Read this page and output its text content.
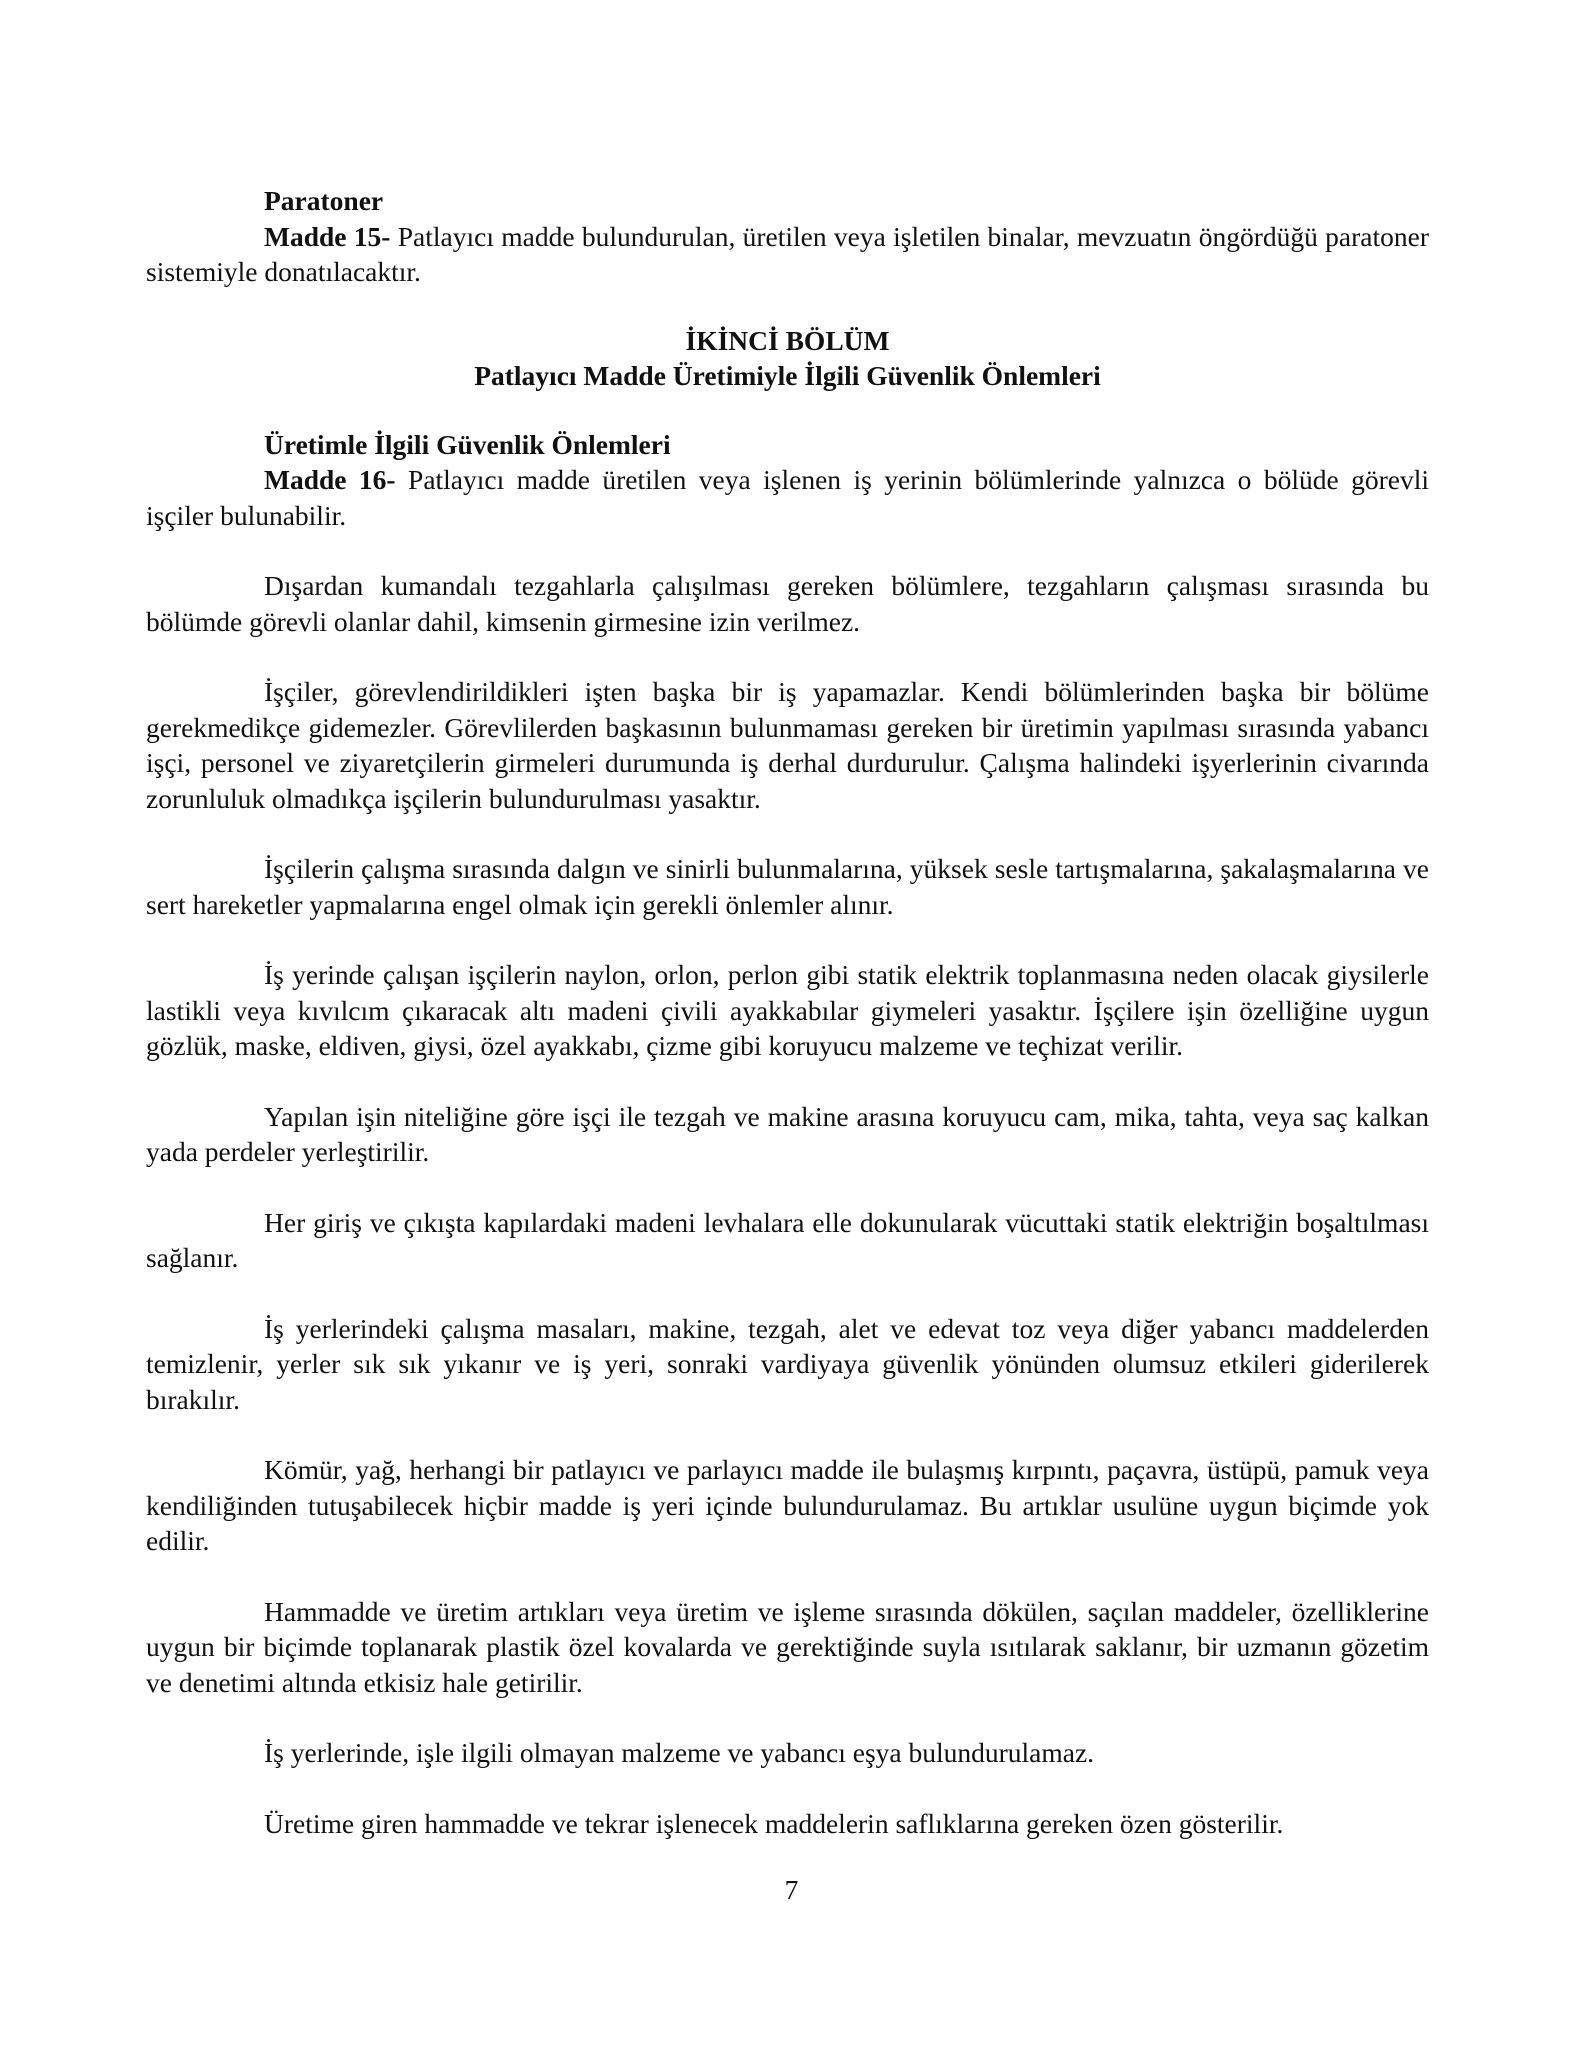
Paratoner

Madde 15- Patlayıcı madde bulundurulan, üretilen veya işletilen binalar, mevzuatın öngördüğü paratoner sistemiyle donatılacaktır.

İKİNCİ BÖLÜM

Patlayıcı Madde Üretimiyle İlgili Güvenlik Önlemleri

Üretimle İlgili Güvenlik Önlemleri

Madde 16- Patlayıcı madde üretilen veya işlenen iş yerinin bölümlerinde yalnızca o bölüde görevli işçiler bulunabilir.

Dışardan kumandalı tezgahlarla çalışılması gereken bölümlere, tezgahların çalışması sırasında bu bölümde görevli olanlar dahil, kimsenin girmesine izin verilmez.

İşçiler, görevlendirildikleri işten başka bir iş yapamazlar. Kendi bölümlerinden başka bir bölüme gerekmedikçe gidemezler. Görevlilerden başkasının bulunmaması gereken bir üretimin yapılması sırasında yabancı işçi, personel ve ziyaretçilerin girmeleri durumunda iş derhal durdurulur. Çalışma halindeki işyerlerinin civarında zorunluluk olmadıkça işçilerin bulundurulması yasaktır.

İşçilerin çalışma sırasında dalgın ve sinirli bulunmalarına, yüksek sesle tartışmalarına, şakalaşmalarına ve sert hareketler yapmalarına engel olmak için gerekli önlemler alınır.

İş yerinde çalışan işçilerin naylon, orlon, perlon gibi statik elektrik toplanmasına neden olacak giysilerle lastikli veya kıvılcım çıkaracak altı madeni çivili ayakkabılar giymeleri yasaktır. İşçilere işin özelliğine uygun gözlük, maske, eldiven, giysi, özel ayakkabı, çizme gibi koruyucu malzeme ve teçhizat verilir.

Yapılan işin niteliğine göre işçi ile tezgah ve makine arasına koruyucu cam, mika, tahta, veya saç kalkan yada perdeler yerleştirilir.

Her giriş ve çıkışta kapılardaki madeni levhalara elle dokunularak vücuttaki statik elektriğin boşaltılması sağlanır.

İş yerlerindeki çalışma masaları, makine, tezgah, alet ve edevat toz veya diğer yabancı maddelerden temizlenir, yerler sık sık yıkanır ve iş yeri, sonraki vardiyaya güvenlik yönünden olumsuz etkileri giderilerek bırakılır.

Kömür, yağ, herhangi bir patlayıcı ve parlayıcı madde ile bulaşmış kırpıntı, paçavra, üstüpü, pamuk veya kendiliğinden tutuşabilecek hiçbir madde iş yeri içinde bulundurulamaz. Bu artıklar usulüne uygun biçimde yok edilir.

Hammadde ve üretim artıkları veya üretim ve işleme sırasında dökülen, saçılan maddeler, özelliklerine uygun bir biçimde toplanarak plastik özel kovalarda ve gerektiğinde suyla ısıtılarak saklanır, bir uzmanın gözetim ve denetimi altında etkisiz hale getirilir.

İş yerlerinde, işle ilgili olmayan malzeme ve yabancı eşya bulundurulamaz.

Üretime giren hammadde ve tekrar işlenecek maddelerin saflıklarına gereken özen gösterilir.

7
